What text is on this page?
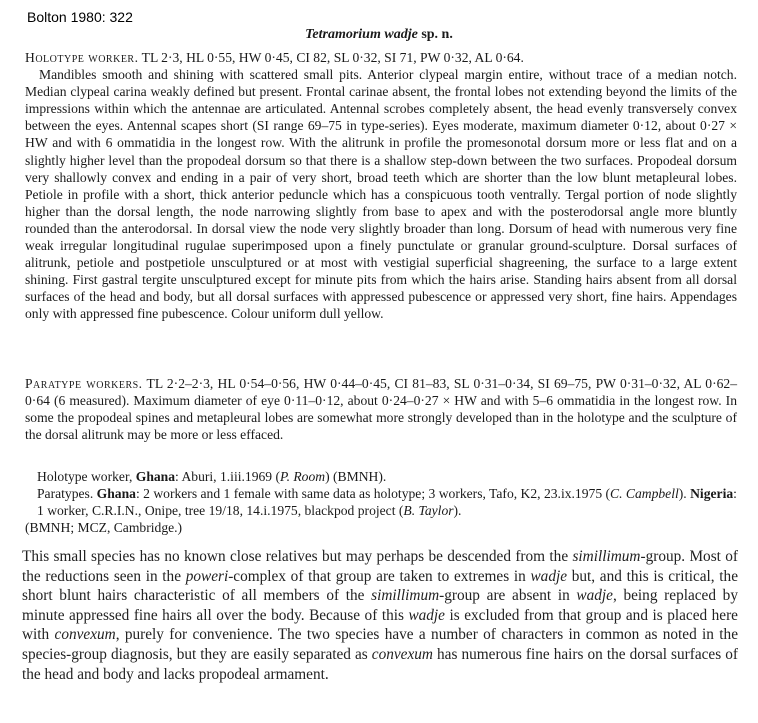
Bolton 1980: 322
Tetramorium wadje sp. n.
Holotype worker. TL 2·3, HL 0·55, HW 0·45, CI 82, SL 0·32, SI 71, PW 0·32, AL 0·64.
Mandibles smooth and shining with scattered small pits. Anterior clypeal margin entire, without trace of a median notch. Median clypeal carina weakly defined but present. Frontal carinae absent, the frontal lobes not extending beyond the limits of the impressions within which the antennae are articulated. Antennal scrobes completely absent, the head evenly transversely convex between the eyes. Antennal scapes short (SI range 69–75 in type-series). Eyes moderate, maximum diameter 0·12, about 0·27 × HW and with 6 ommatidia in the longest row. With the alitrunk in profile the promesonotal dorsum more or less flat and on a slightly higher level than the propodeal dorsum so that there is a shallow step-down between the two surfaces. Propodeal dorsum very shallowly convex and ending in a pair of very short, broad teeth which are shorter than the low blunt metapleural lobes. Petiole in profile with a short, thick anterior peduncle which has a conspicuous tooth ventrally. Tergal portion of node slightly higher than the dorsal length, the node narrowing slightly from base to apex and with the posterodorsal angle more bluntly rounded than the anterodorsal. In dorsal view the node very slightly broader than long. Dorsum of head with numerous very fine weak irregular longitudinal rugulae superimposed upon a finely punctulate or granular ground-sculpture. Dorsal surfaces of alitrunk, petiole and postpetiole unsculptured or at most with vestigial superficial shagreening, the surface to a large extent shining. First gastral tergite unsculptured except for minute pits from which the hairs arise. Standing hairs absent from all dorsal surfaces of the head and body, but all dorsal surfaces with appressed pubescence or appressed very short, fine hairs. Appendages only with appressed fine pubescence. Colour uniform dull yellow.
Paratype workers. TL 2·2–2·3, HL 0·54–0·56, HW 0·44–0·45, CI 81–83, SL 0·31–0·34, SI 69–75, PW 0·31–0·32, AL 0·62–0·64 (6 measured). Maximum diameter of eye 0·11–0·12, about 0·24–0·27 × HW and with 5–6 ommatidia in the longest row. In some the propodeal spines and metapleural lobes are somewhat more strongly developed than in the holotype and the sculpture of the dorsal alitrunk may be more or less effaced.

Holotype worker, Ghana: Aburi, 1.iii.1969 (P. Room) (BMNH).

Paratypes. Ghana: 2 workers and 1 female with same data as holotype; 3 workers, Tafo, K2, 23.ix.1975 (C. Campbell). Nigeria: 1 worker, C.R.I.N., Onipe, tree 19/18, 14.i.1975, blackpod project (B. Taylor).

(BMNH; MCZ, Cambridge.)

This small species has no known close relatives but may perhaps be descended from the simillimum-group. Most of the reductions seen in the poweri-complex of that group are taken to extremes in wadje but, and this is critical, the short blunt hairs characteristic of all members of the simillimum-group are absent in wadje, being replaced by minute appressed fine hairs all over the body. Because of this wadje is excluded from that group and is placed here with convexum, purely for convenience. The two species have a number of characters in common as noted in the species-group diagnosis, but they are easily separated as convexum has numerous fine hairs on the dorsal surfaces of the head and body and lacks propodeal armament.
